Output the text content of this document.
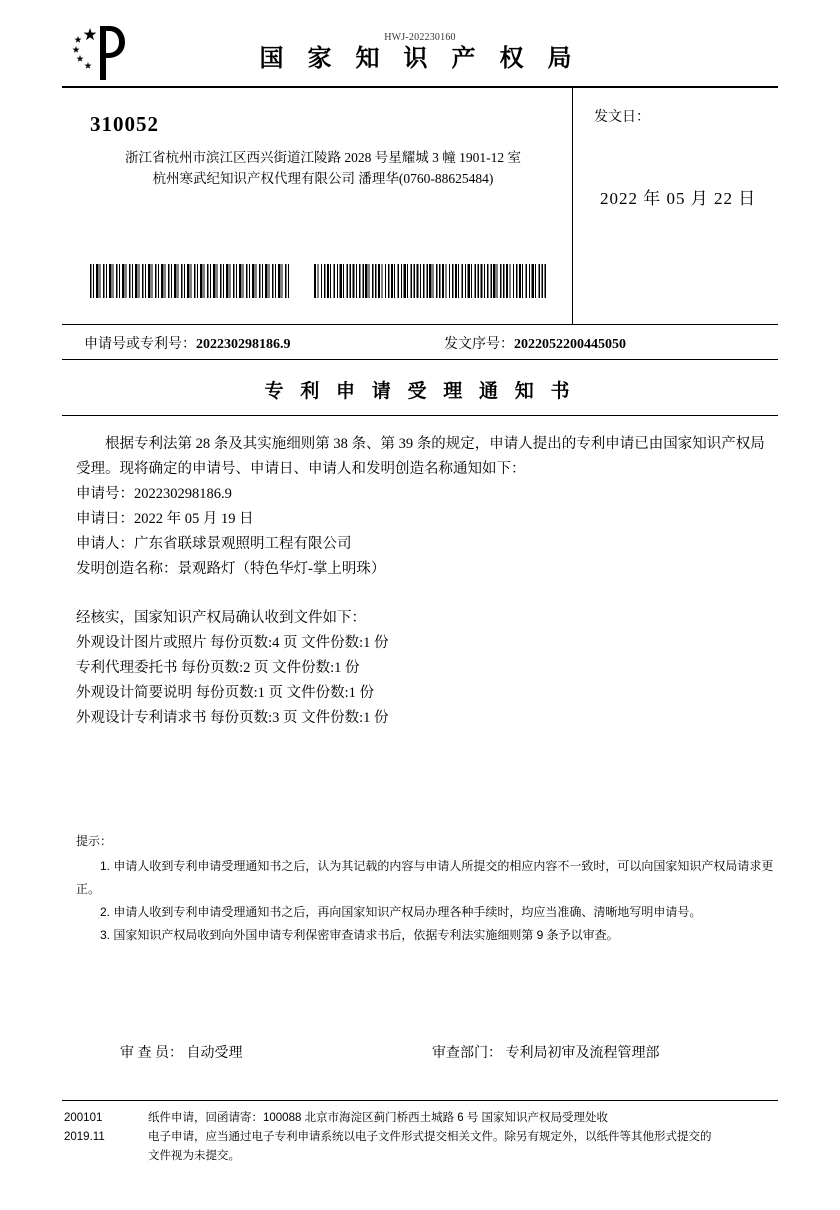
HWJ-202230160
国 家 知 识 产 权 局
310052
浙江省杭州市滨江区西兴街道江陵路 2028 号星耀城 3 幢 1901-12 室
杭州寒武纪知识产权代理有限公司 潘理华(0760-88625484)
发文日：
2022 年 05 月 22 日
申请号或专利号：202230298186.9	发文序号：2022052200445050
专 利 申 请 受 理 通 知 书
根据专利法第 28 条及其实施细则第 38 条、第 39 条的规定，申请人提出的专利申请已由国家知识产权局
受理。现将确定的申请号、申请日、申请人和发明创造名称通知如下：
申请号：202230298186.9
申请日：2022 年 05 月 19 日
申请人：广东省联球景观照明工程有限公司
发明创造名称：景观路灯（特色华灯-掌上明珠）
经核实，国家知识产权局确认收到文件如下：
外观设计图片或照片 每份页数:4 页 文件份数:1 份
专利代理委托书 每份页数:2 页 文件份数:1 份
外观设计简要说明 每份页数:1 页 文件份数:1 份
外观设计专利请求书 每份页数:3 页 文件份数:1 份
提示：
1. 申请人收到专利申请受理通知书之后，认为其记载的内容与申请人所提交的相应内容不一致时，可以向国家知识产权局请求更正。
2. 申请人收到专利申请受理通知书之后，再向国家知识产权局办理各种手续时，均应当准确、清晰地写明申请号。
3. 国家知识产权局收到向外国申请专利保密审查请求书后，依据专利法实施细则第 9 条予以审查。
审 查 员： 自动受理	审查部门： 专利局初审及流程管理部
200101
2019.11
纸件申请，回函请寄：100088 北京市海淀区蓟门桥西土城路 6 号 国家知识产权局受理处收
电子申请，应当通过电子专利申请系统以电子文件形式提交相关文件。除另有规定外，以纸件等其他形式提交的
文件视为未提交。
